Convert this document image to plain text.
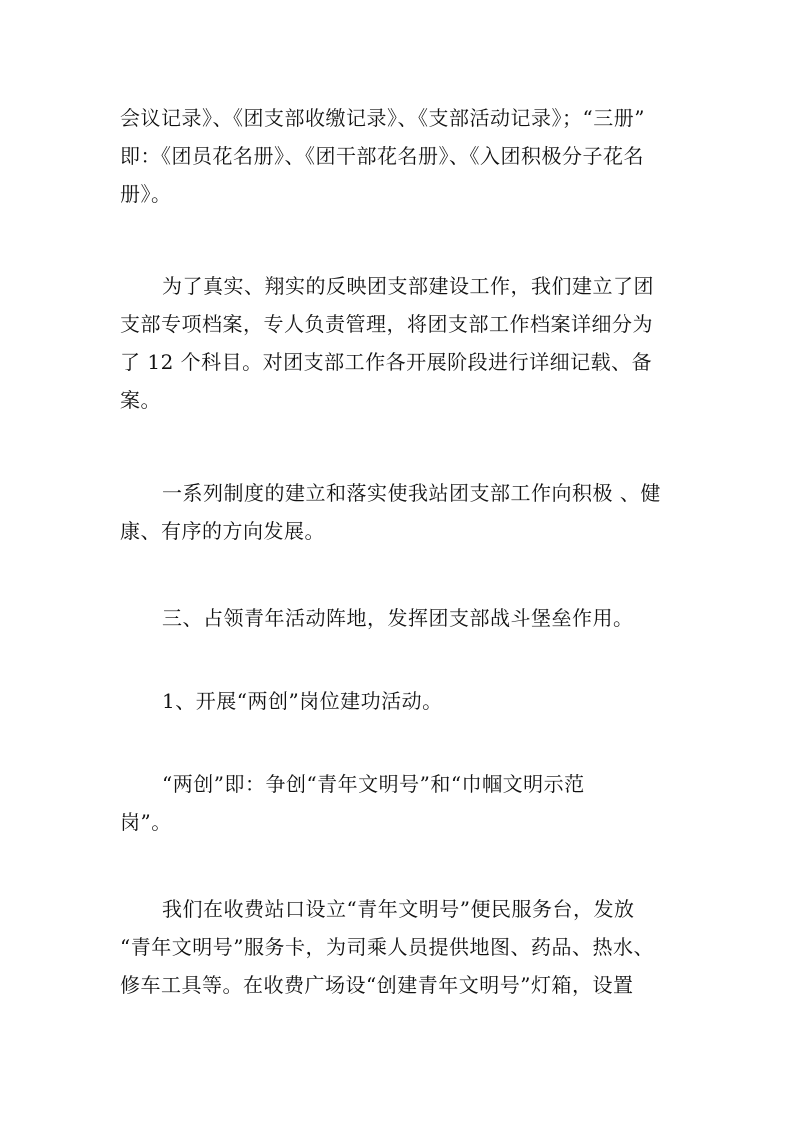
会议记录》、《团支部收缴记录》、《支部活动记录》；“三册”
即：《团员花名册》、《团干部花名册》、《入团积极分子花名
册》。

为了真实、翔实的反映团支部建设工作，我们建立了团
支部专项档案，专人负责管理，将团支部工作档案详细分为
了 12 个科目。对团支部工作各开展阶段进行详细记载、备
案。

一系列制度的建立和落实使我站团支部工作向积极 、健
康、有序的方向发展。

三、占领青年活动阵地，发挥团支部战斗堡垒作用。

1、开展“两创”岗位建功活动。

“两创”即：争创“青年文明号”和“巾帼文明示范
岗”。

我们在收费站口设立“青年文明号”便民服务台，发放
“青年文明号”服务卡，为司乘人员提供地图、药品、热水、
修车工具等。在收费广场设“创建青年文明号”灯箱，设置
